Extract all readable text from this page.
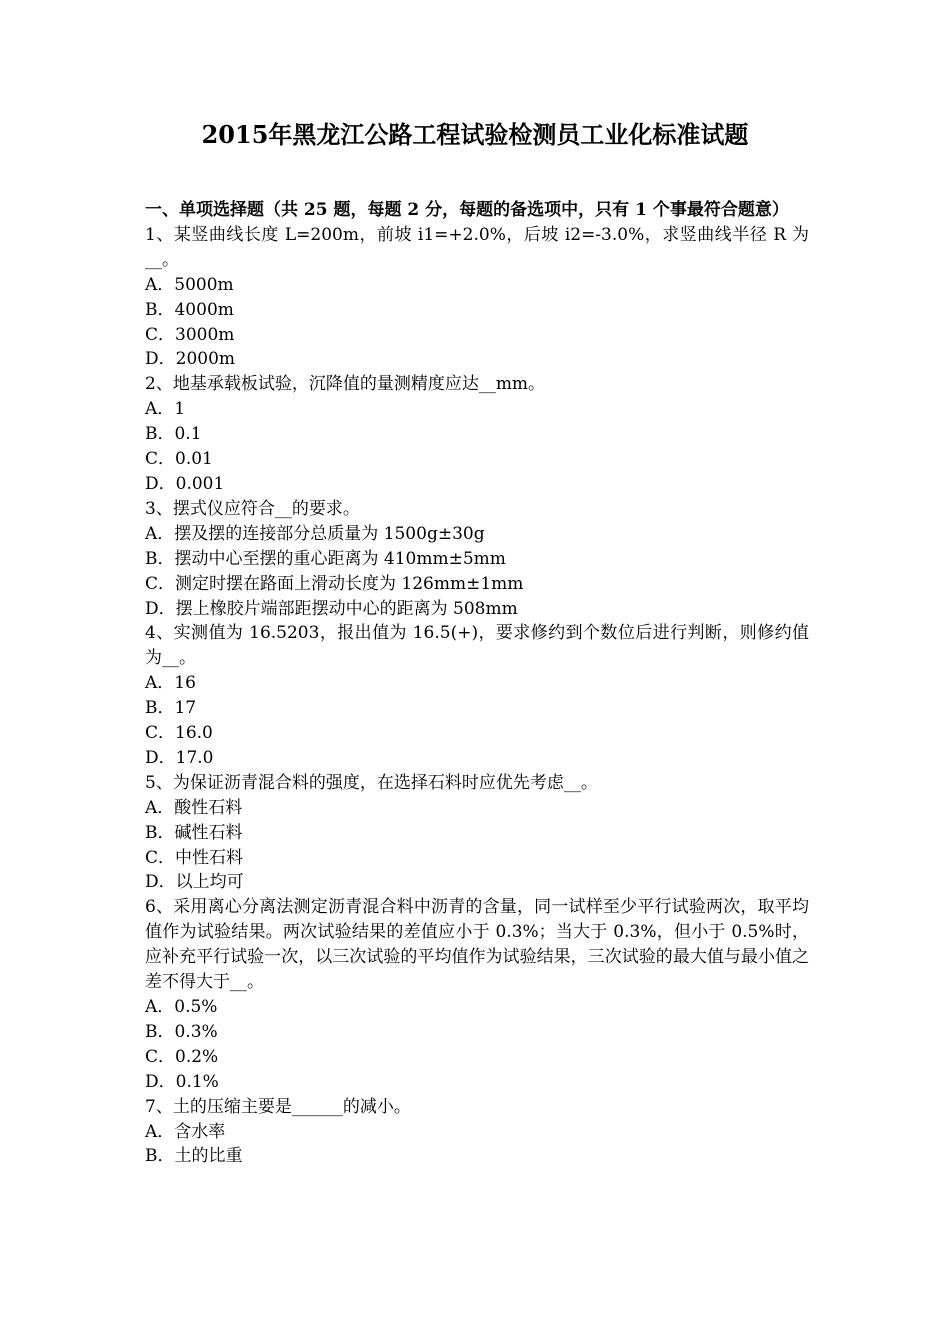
2015年黑龙江公路工程试验检测员工业化标准试题

一、单项选择题（共 25 题，每题 2 分，每题的备选项中，只有 1 个事最符合题意）

1、某竖曲线长度 L=200m，前坡 i1=+2.0%，后坡 i2=-3.0%，求竖曲线半径 R 为__。

A．5000m

B．4000m

C．3000m

D．2000m

2、地基承载板试验，沉降值的量测精度应达__mm。

A．1

B．0.1

C．0.01

D．0.001

3、摆式仪应符合__的要求。

A．摆及摆的连接部分总质量为 1500g±30g

B．摆动中心至摆的重心距离为 410mm±5mm

C．测定时摆在路面上滑动长度为 126mm±1mm

D．摆上橡胶片端部距摆动中心的距离为 508mm

4、实测值为 16.5203，报出值为 16.5(+)，要求修约到个数位后进行判断，则修约值为__。

A．16

B．17

C．16.0

D．17.0

5、为保证沥青混合料的强度，在选择石料时应优先考虑__。

A．酸性石料

B．碱性石料

C．中性石料

D．以上均可

6、采用离心分离法测定沥青混合料中沥青的含量，同一试样至少平行试验两次，取平均值作为试验结果。两次试验结果的差值应小于 0.3%；当大于 0.3%，但小于 0.5%时，应补充平行试验一次，以三次试验的平均值作为试验结果，三次试验的最大值与最小值之差不得大于__。

A．0.5%

B．0.3%

C．0.2%

D．0.1%

7、土的压缩主要是______的减小。

A．含水率

B．土的比重
